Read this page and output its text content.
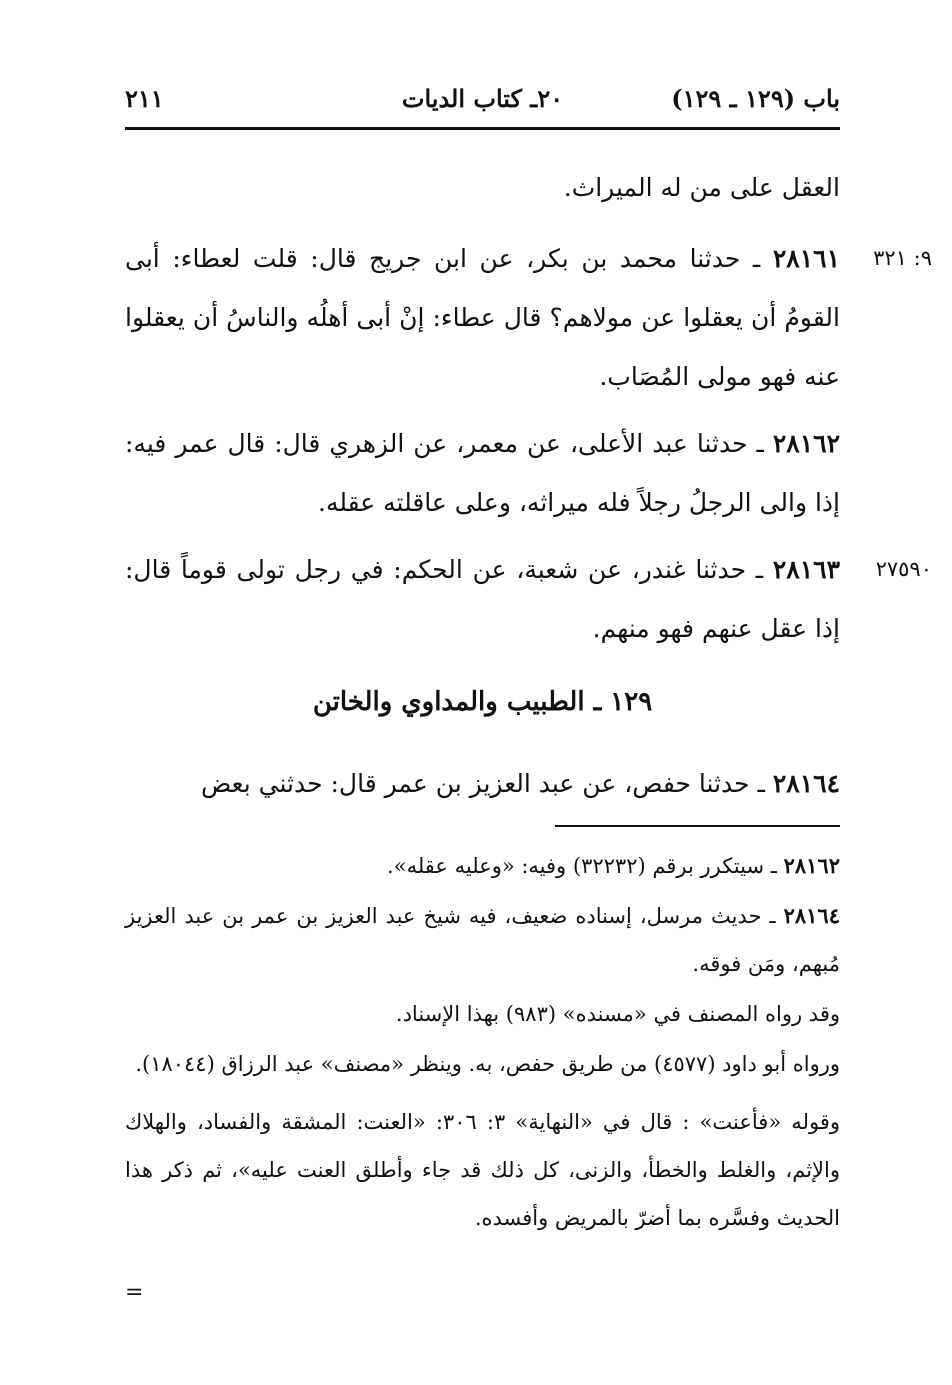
باب (١٢٩ ـ ١٢٩)
٢٠ـ كتاب الديات
٢١١

العقل على من له الميراث.

٩: ٣٢١
٢٨١٦١ ـ حدثنا محمد بن بكر، عن ابن جريج قال: قلت لعطاء: أبى القومُ أن يعقلوا عن مولاهم؟ قال عطاء: إنْ أبى أهلُه والناسُ أن يعقلوا عنه فهو مولى المُصَاب.

٢٨١٦٢ ـ حدثنا عبد الأعلى، عن معمر، عن الزهري قال: قال عمر فيه: إذا والى الرجلُ رجلاً فله ميراثه، وعلى عاقلته عقله.

٢٧٥٩٠
٢٨١٦٣ ـ حدثنا غندر، عن شعبة، عن الحكم: في رجل تولى قوماً قال: إذا عقل عنهم فهو منهم.

١٢٩ ـ الطبيب والمداوي والخاتن

٢٨١٦٤ ـ حدثنا حفص، عن عبد العزيز بن عمر قال: حدثني بعض

٢٨١٦٢ ـ سيتكرر برقم (٣٢٢٣٢) وفيه: «وعليه عقله».

٢٨١٦٤ ـ حديث مرسل، إسناده ضعيف، فيه شيخ عبد العزيز بن عمر بن عبد العزيز مُبهم، ومَن فوقه.

وقد رواه المصنف في «مسنده» (٩٨٣) بهذا الإسناد.

ورواه أبو داود (٤٥٧٧) من طريق حفص، به. وينظر «مصنف» عبد الرزاق (١٨٠٤٤).

وقوله «فأعنت» : قال في «النهاية» ٣: ٣٠٦: «العنت: المشقة والفساد، والهلاك والإثم، والغلط والخطأ، والزنى، كل ذلك قد جاء وأطلق العنت عليه»، ثم ذكر هذا الحديث وفسَّره بما أضرّ بالمريض وأفسده.

=
